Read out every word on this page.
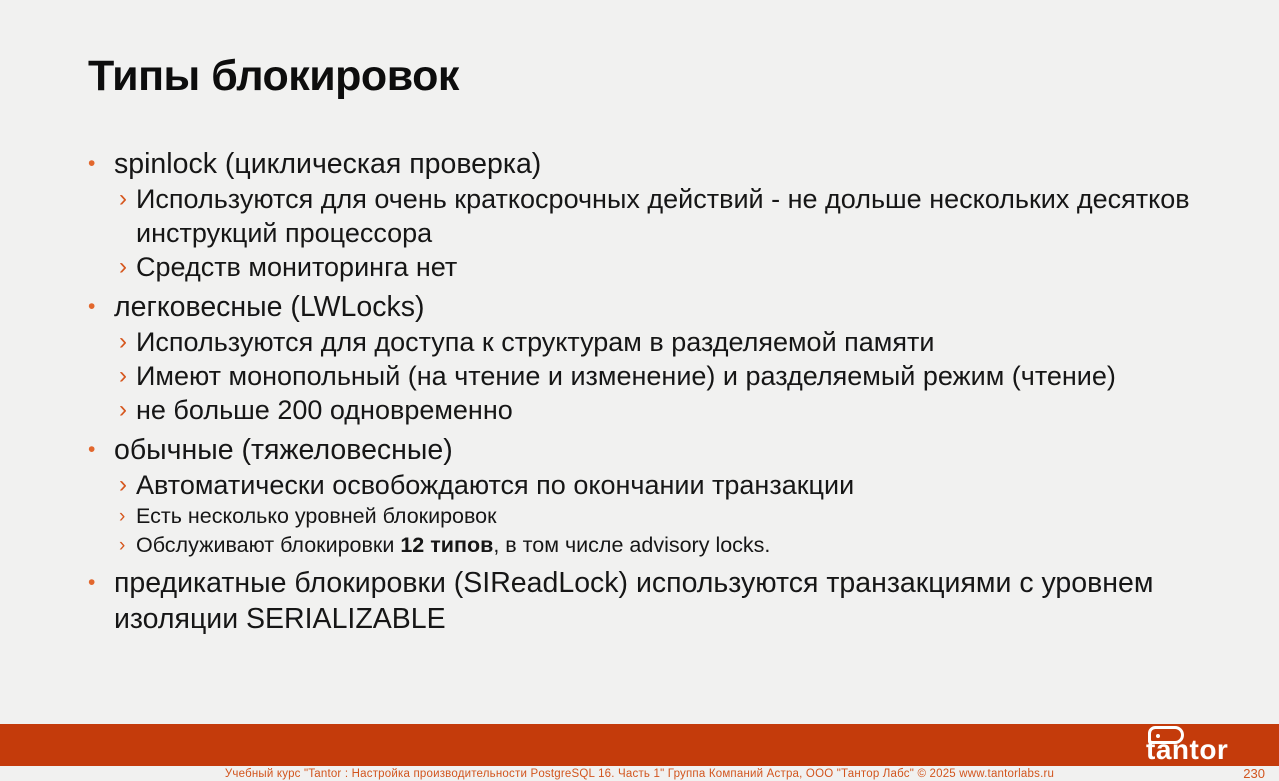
Типы блокировок
• spinlock (циклическая проверка)
› Используются для очень краткосрочных действий - не дольше нескольких десятков инструкций процессора
› Средств мониторинга нет
• легковесные (LWLocks)
› Используются для доступа к структурам в разделяемой памяти
› Имеют монопольный (на чтение и изменение) и разделяемый режим (чтение)
› не больше 200 одновременно
• обычные (тяжеловесные)
› Автоматически освобождаются по окончании транзакции
› Есть несколько уровней блокировок
› Обслуживают блокировки 12 типов, в том числе advisory locks.
• предикатные блокировки (SIReadLock) используются транзакциями с уровнем изоляции SERIALIZABLE
tantor
Учебный курс "Tantor : Настройка производительности PostgreSQL 16. Часть 1" Группа Компаний Астра, ООО "Тантор Лабс" © 2025 www.tantorlabs.ru	230
